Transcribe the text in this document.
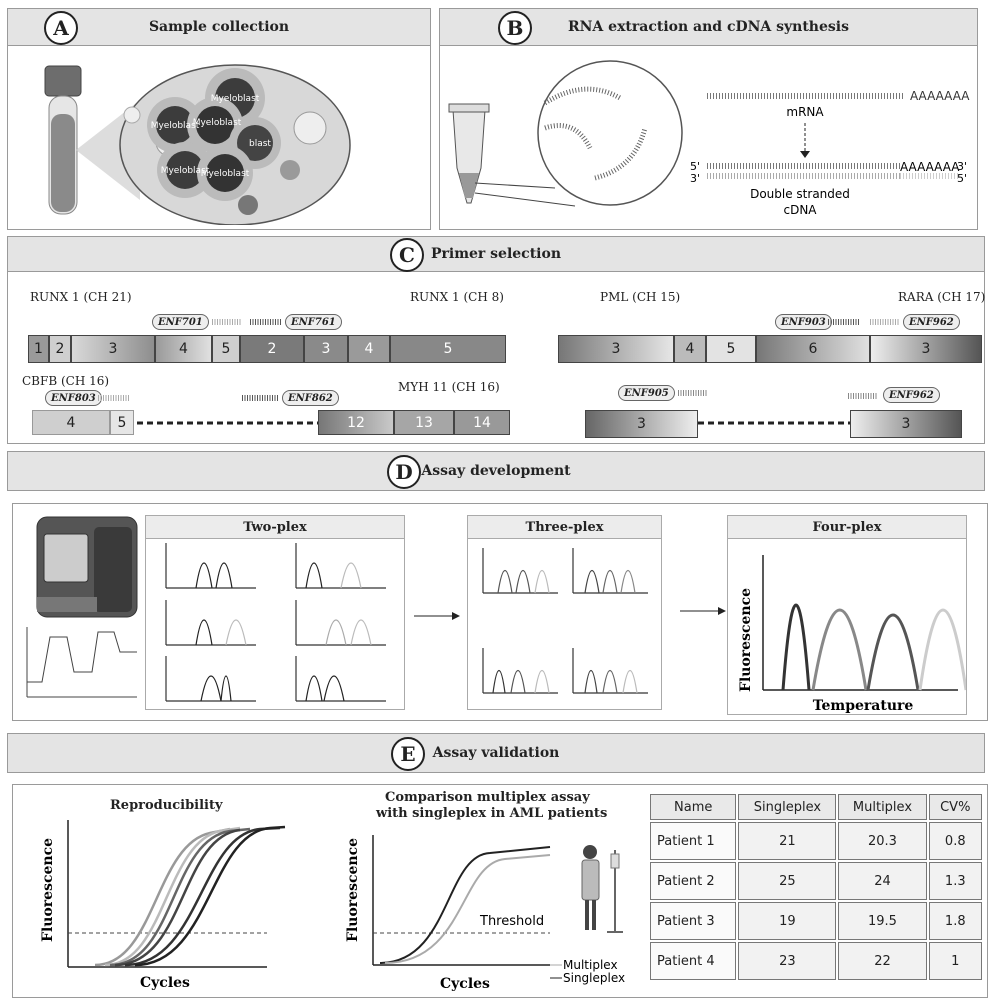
Sample collection
A
Myeloblast
Myeloblast
Myeloblast
Myeloblast
blast
Myeloblast
RNA extraction and cDNA synthesis
B
AAAAAAA
mRNA
AAAAAAA
5'
3'
3'
5'
Double stranded
cDNA
Primer selection
C
RUNX 1 (CH 21)	RUNX 1 (CH 8)	PML (CH 15)	RARA (CH 17)
CBFB (CH 16)	MYH 11 (CH 16)
ENF701	ENF761	ENF903	ENF962
ENF803	ENF862	ENF905	ENF962
1 2	3	4	5	2	3	4	5	3	4	5	6	3
4	5	12	13	14	3	3
Assay development
D
Two-plex	Three-plex	Four-plex
Fluorescence
Temperature
Assay validation
E
Reproducibility
Fluorescence
Cycles
Comparison multiplex assay
with singleplex in AML patients
Fluorescence	Threshold
Cycles
Multiplex
Singleplex
Name	Singleplex	Multiplex	CV%
Patient 1	21	20.3	0.8
Patient 2	25	24	1.3
Patient 3	19	19.5	1.8
Patient 4	23	22	1
